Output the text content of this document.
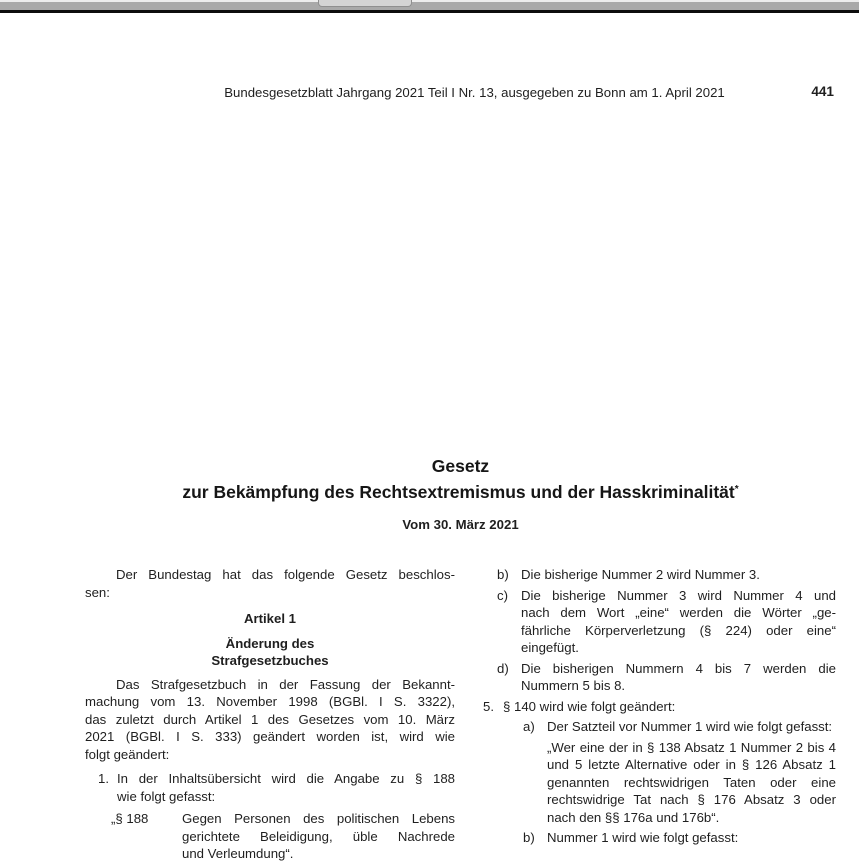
Bundesgesetzblatt Jahrgang 2021 Teil I Nr. 13, ausgegeben zu Bonn am 1. April 2021	441
Gesetz
zur Bekämpfung des Rechtsextremismus und der Hasskriminalität*
Vom 30. März 2021
Der Bundestag hat das folgende Gesetz beschlos-
sen:
Artikel 1
Änderung des
Strafgesetzbuches
Das Strafgesetzbuch in der Fassung der Bekannt-
machung vom 13. November 1998 (BGBl. I S. 3322),
das zuletzt durch Artikel 1 des Gesetzes vom 10. März
2021 (BGBl. I S. 333) geändert worden ist, wird wie
folgt geändert:
1. In der Inhaltsübersicht wird die Angabe zu § 188
wie folgt gefasst:
„§ 188	Gegen Personen des politischen Lebens
gerichtete Beleidigung, üble Nachrede
und Verleumdung“.
b) Die bisherige Nummer 2 wird Nummer 3.
c) Die bisherige Nummer 3 wird Nummer 4 und
nach dem Wort „eine“ werden die Wörter „ge-
fährliche Körperverletzung (§ 224) oder eine“
eingefügt.
d) Die bisherigen Nummern 4 bis 7 werden die
Nummern 5 bis 8.
5. § 140 wird wie folgt geändert:
a) Der Satzteil vor Nummer 1 wird wie folgt gefasst:
„Wer eine der in § 138 Absatz 1 Nummer 2 bis 4
und 5 letzte Alternative oder in § 126 Absatz 1
genannten rechtswidrigen Taten oder eine
rechtswidrige Tat nach § 176 Absatz 3 oder
nach den §§ 176a und 176b“.
b) Nummer 1 wird wie folgt gefasst:
